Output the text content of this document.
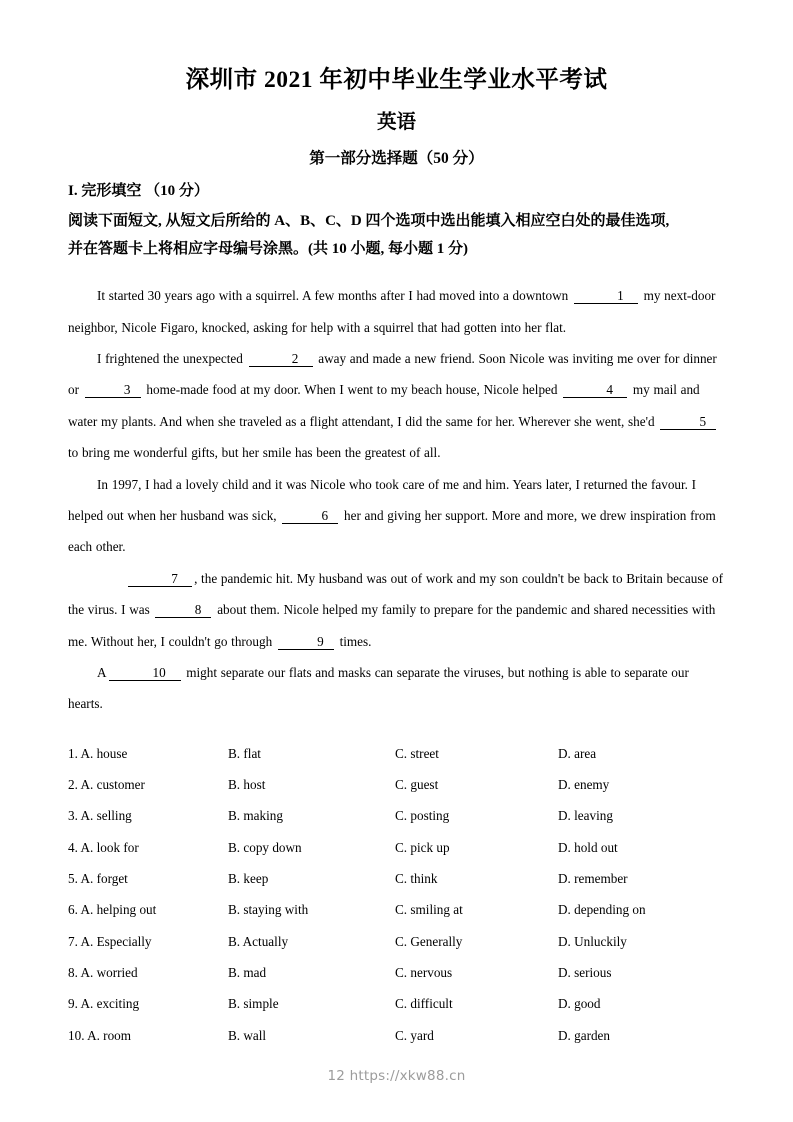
深圳市 2021 年初中毕业生学业水平考试
英语
第一部分选择题（50 分）
I. 完形填空 （10 分）
阅读下面短文, 从短文后所给的 A、B、C、D 四个选项中选出能填入相应空白处的最佳选项,
并在答题卡上将相应字母编号涂黑。(共 10 小题, 每小题 1 分)

It started 30 years ago with a squirrel. A few months after I had moved into a downtown	1 my next-door neighbor, Nicole Figaro, knocked, asking for help with a squirrel that had gotten into her flat.

I frightened the unexpected	2 away and made a new friend. Soon Nicole was inviting me over for dinner or	3 home-made food at my door. When I went to my beach house, Nicole helped	4 my mail and water my plants. And when she traveled as a flight attendant, I did the same for her. Wherever she went, she'd	5 to bring me wonderful gifts, but her smile has been the greatest of all.

In 1997, I had a lovely child and it was Nicole who took care of me and him. Years later, I returned the favour. I helped out when her husband was sick,	6 her and giving her support. More and more, we drew inspiration from each other.

7 , the pandemic hit. My husband was out of work and my son couldn't be back to Britain because of the virus. I was	8 about them. Nicole helped my family to prepare for the pandemic and shared necessities with me. Without her, I couldn't go through	9 times.

A	10 might separate our flats and masks can separate the viruses, but nothing is able to separate our hearts.

1. A. house	B. flat	C. street	D. area
2. A. customer	B. host	C. guest	D. enemy
3. A. selling	B. making	C. posting	D. leaving
4. A. look for	B. copy down	C. pick up	D. hold out
5. A. forget	B. keep	C. think	D. remember
6. A. helping out	B. staying with	C. smiling at	D. depending on
7. A. Especially	B. Actually	C. Generally	D. Unluckily
8. A. worried	B. mad	C. nervous	D. serious
9. A. exciting	B. simple	C. difficult	D. good
10. A. room	B. wall	C. yard	D. garden
12 https://xkw88.cn
